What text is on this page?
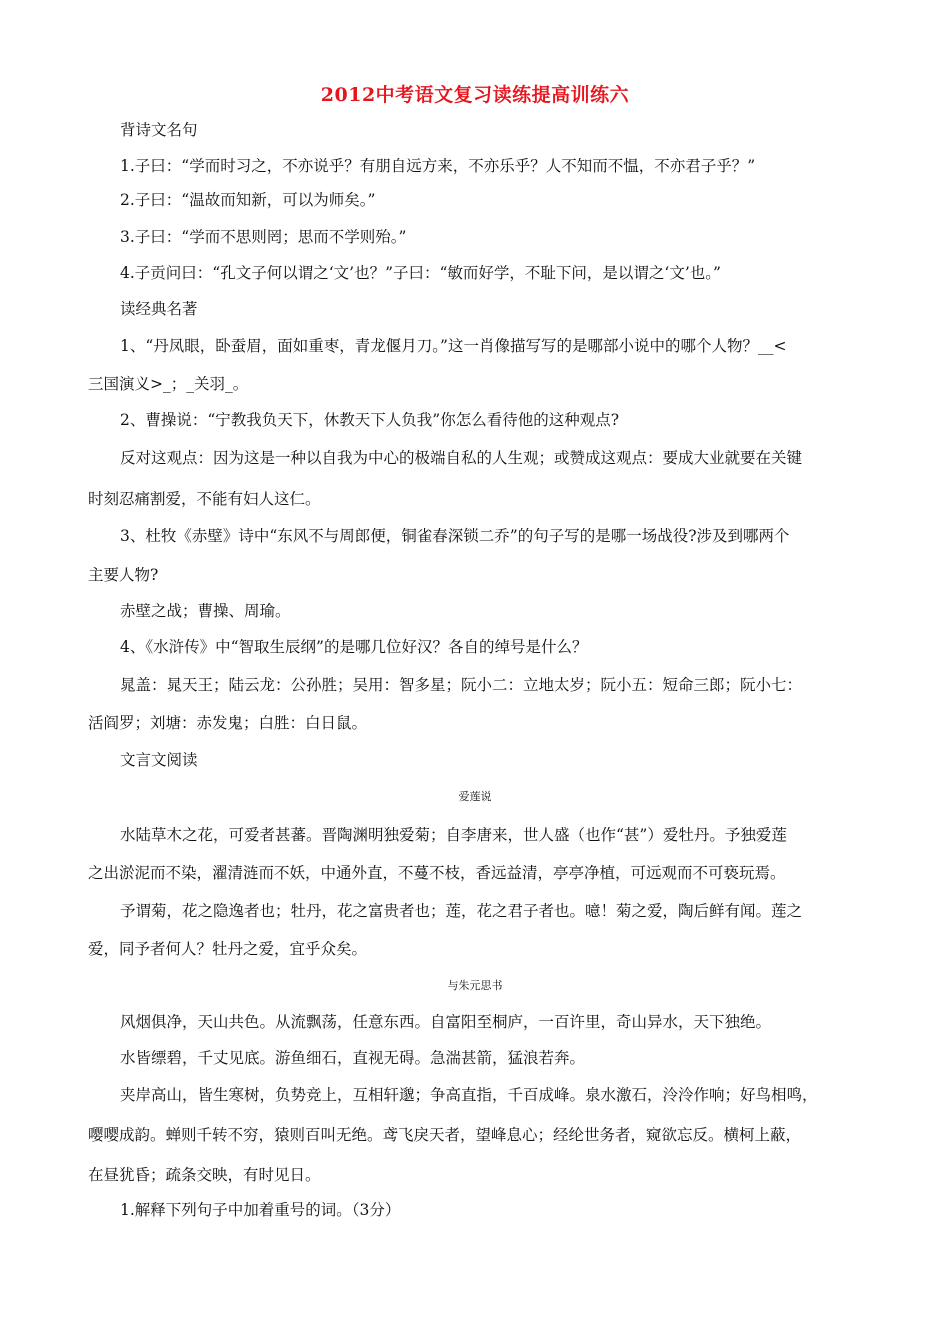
2012中考语文复习读练提高训练六
背诗文名句
1.子曰：“学而时习之，不亦说乎？有朋自远方来，不亦乐乎？人不知而不愠，不亦君子乎？”
2.子曰：“温故而知新，可以为师矣。”
3.子曰：“学而不思则罔；思而不学则殆。”
4.子贡问曰：“孔文子何以谓之‘文’也？”子曰：“敏而好学，不耻下问，是以谓之‘文’也。”
读经典名著
1、“丹凤眼，卧蚕眉，面如重枣，青龙偃月刀。”这一肖像描写写的是哪部小说中的哪个人物？__<
三国演义>_；_关羽_。
2、曹操说：“宁教我负天下，休教天下人负我”你怎么看待他的这种观点?
反对这观点：因为这是一种以自我为中心的极端自私的人生观；或赞成这观点：要成大业就要在关键
时刻忍痛割爱，不能有妇人这仁。
3、杜牧《赤壁》诗中“东风不与周郎便，铜雀春深锁二乔”的句子写的是哪一场战役?涉及到哪两个
主要人物?
赤壁之战；曹操、周瑜。
4、《水浒传》中“智取生辰纲”的是哪几位好汉？各自的绰号是什么？
晁盖：晁天王；陆云龙：公孙胜；吴用：智多星；阮小二：立地太岁；阮小五：短命三郎；阮小七：
活阎罗；刘塘：赤发鬼；白胜：白日鼠。
文言文阅读
爱莲说
水陆草木之花，可爱者甚蕃。晋陶渊明独爱菊；自李唐来，世人盛（也作“甚”）爱牡丹。予独爱莲
之出淤泥而不染，濯清涟而不妖，中通外直，不蔓不枝，香远益清，亭亭净植，可远观而不可亵玩焉。
予谓菊，花之隐逸者也；牡丹，花之富贵者也；莲，花之君子者也。噫！菊之爱，陶后鲜有闻。莲之
爱，同予者何人？牡丹之爱，宜乎众矣。
与朱元思书
风烟俱净，天山共色。从流飘荡，任意东西。自富阳至桐庐，一百许里，奇山异水，天下独绝。
水皆缥碧，千丈见底。游鱼细石，直视无碍。急湍甚箭，猛浪若奔。
夹岸高山，皆生寒树，负势竞上，互相轩邈；争高直指，千百成峰。泉水激石，泠泠作响；好鸟相鸣，
嘤嘤成韵。蝉则千转不穷，猿则百叫无绝。鸢飞戾天者，望峰息心；经纶世务者，窥欲忘反。横柯上蔽，
在昼犹昏；疏条交映，有时见日。
1.解释下列句子中加着重号的词。（3分）
